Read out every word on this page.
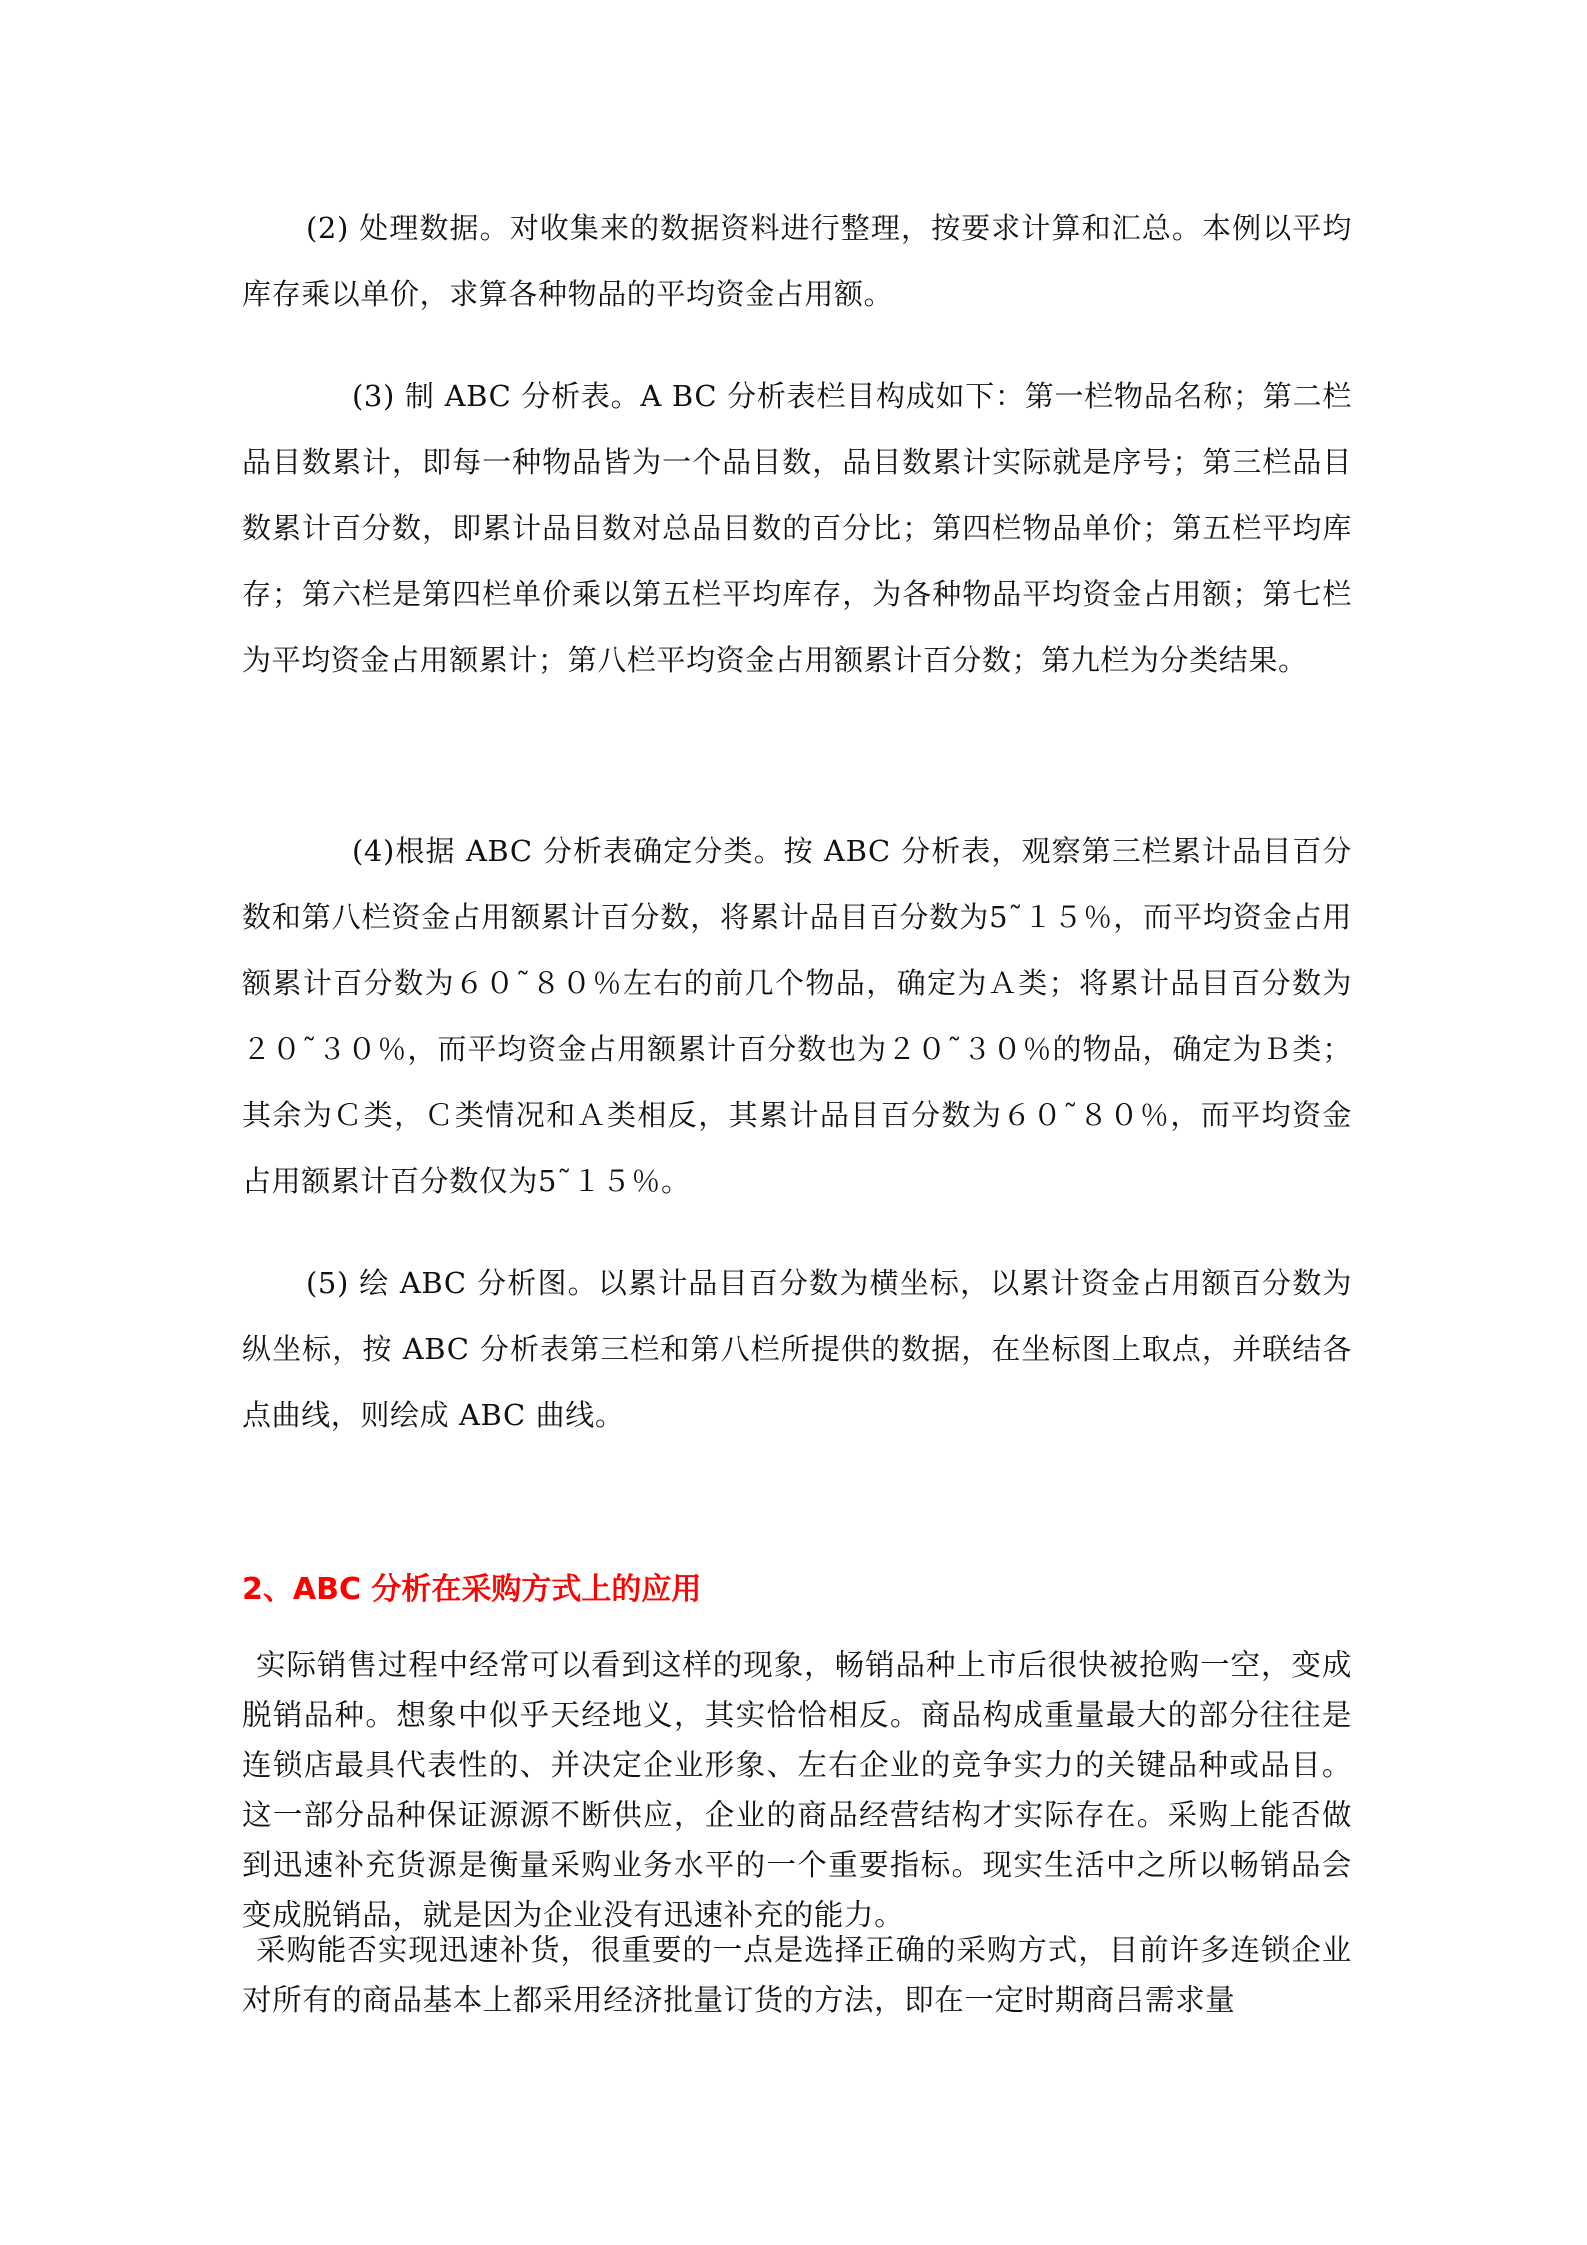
(2) 处理数据。对收集来的数据资料进行整理，按要求计算和汇总。本例以平均库存乘以单价，求算各种物品的平均资金占用额。

(3) 制 ABC 分析表。A BC 分析表栏目构成如下：第一栏物品名称；第二栏品目数累计，即每一种物品皆为一个品目数，品目数累计实际就是序号；第三栏品目数累计百分数，即累计品目数对总品目数的百分比；第四栏物品单价；第五栏平均库存；第六栏是第四栏单价乘以第五栏平均库存，为各种物品平均资金占用额；第七栏为平均资金占用额累计；第八栏平均资金占用额累计百分数；第九栏为分类结果。

(4)根据 ABC 分析表确定分类。按 ABC 分析表，观察第三栏累计品目百分数和第八栏资金占用额累计百分数，将累计品目百分数为5˜１５％，而平均资金占用额累计百分数为６０˜８０％左右的前几个物品，确定为Ａ类；将累计品目百分数为２０˜３０％，而平均资金占用额累计百分数也为２０˜３０％的物品，确定为Ｂ类；其余为Ｃ类，Ｃ类情况和Ａ类相反，其累计品目百分数为６０˜８０％，而平均资金占用额累计百分数仅为5˜１５％。

(5) 绘 ABC 分析图。以累计品目百分数为横坐标，以累计资金占用额百分数为纵坐标，按 ABC 分析表第三栏和第八栏所提供的数据，在坐标图上取点，并联结各点曲线，则绘成 ABC 曲线。

2、ABC 分析在采购方式上的应用

实际销售过程中经常可以看到这样的现象，畅销品种上市后很快被抢购一空，变成脱销品种。想象中似乎天经地义，其实恰恰相反。商品构成重量最大的部分往往是连锁店最具代表性的、并决定企业形象、左右企业的竞争实力的关键品种或品目。这一部分品种保证源源不断供应，企业的商品经营结构才实际存在。采购上能否做到迅速补充货源是衡量采购业务水平的一个重要指标。现实生活中之所以畅销品会变成脱销品，就是因为企业没有迅速补充的能力。

采购能否实现迅速补货，很重要的一点是选择正确的采购方式，目前许多连锁企业对所有的商品基本上都采用经济批量订货的方法，即在一定时期商吕需求量
